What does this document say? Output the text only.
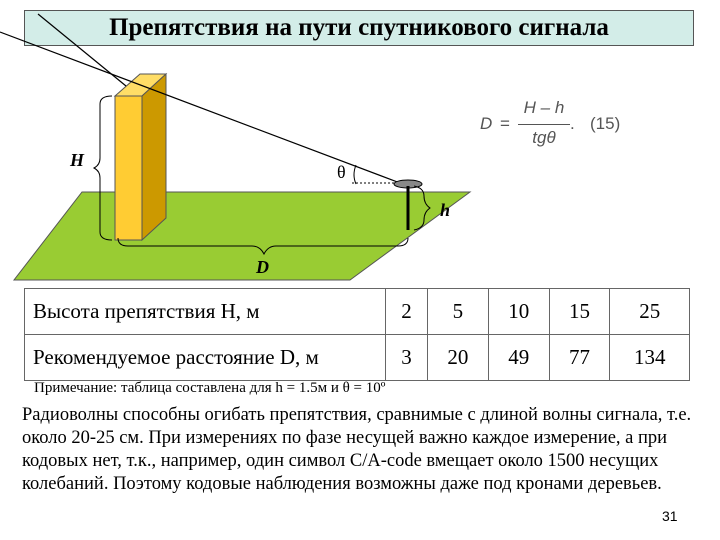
Препятствия на пути спутникового сигнала
H
θ
h
D
D =
H – h
tgθ
. (15)
Высота препятствия H, м	2	5	10	15	25
Рекомендуемое расстояние D, м	3	20	49	77	134
Примечание: таблица составлена для h = 1.5м и θ = 10º
Радиоволны способны огибать препятствия, сравнимые с длиной волны сигнала, т.е. около 20-25 см. При измерениях по фазе несущей важно каждое измерение, а при кодовых нет, т.к., например, один символ C/A-code вмещает около 1500 несущих колебаний. Поэтому кодовые наблюдения возможны даже под кронами деревьев.
31
